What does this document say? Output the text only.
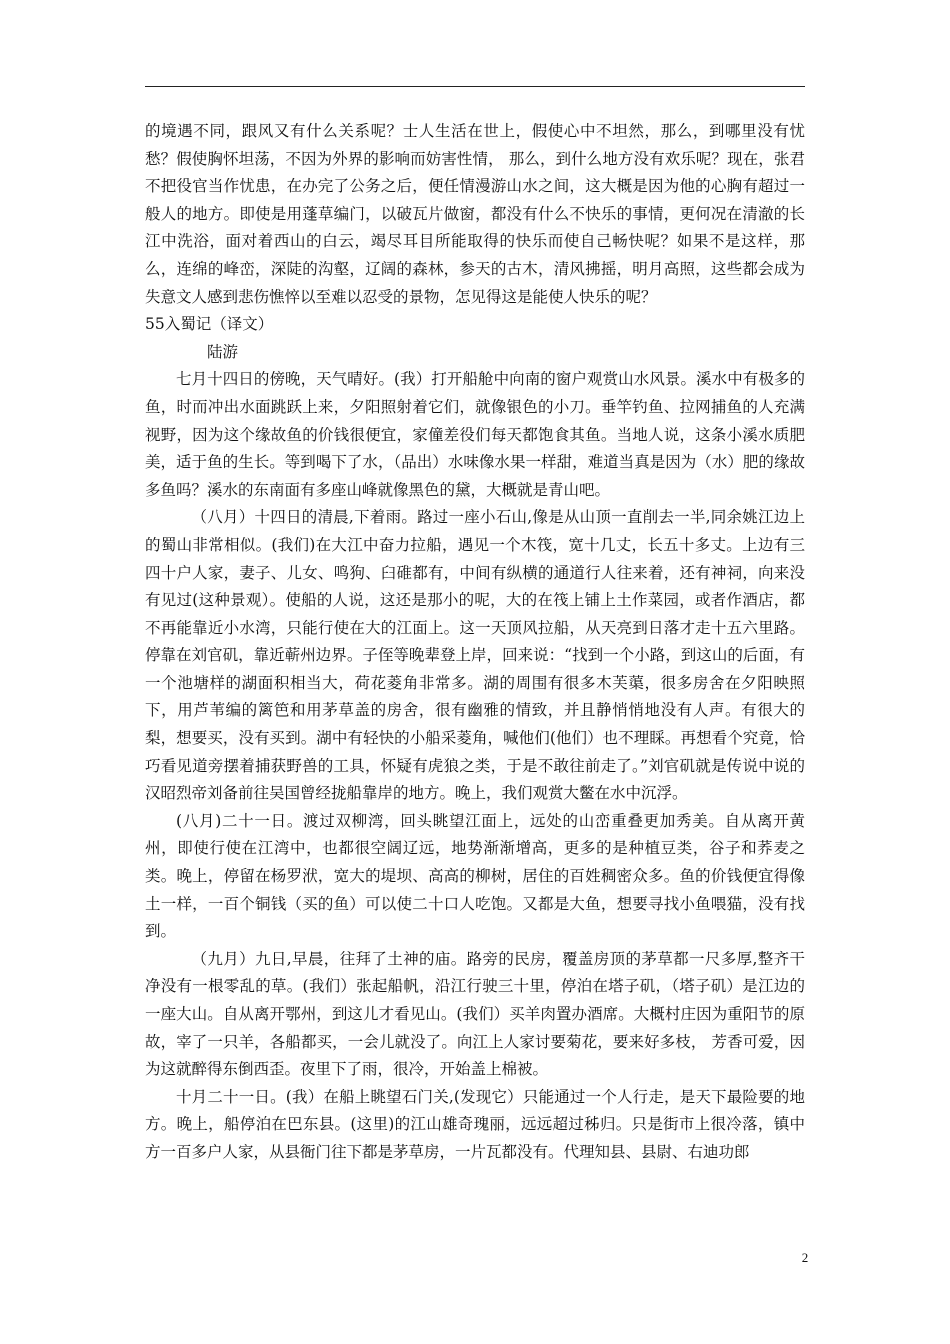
的境遇不同，跟风又有什么关系呢？士人生活在世上，假使心中不坦然，那么，到哪里没有忧愁？假使胸怀坦荡，不因为外界的影响而妨害性情， 那么，到什么地方没有欢乐呢？现在，张君不把役官当作忧患，在办完了公务之后，便任情漫游山水之间，这大概是因为他的心胸有超过一般人的地方。即使是用蓬草编门，以破瓦片做窗，都没有什么不快乐的事情，更何况在清澈的长江中洗浴，面对着西山的白云，竭尽耳目所能取得的快乐而使自己畅快呢？如果不是这样，那么，连绵的峰峦，深陡的沟壑，辽阔的森林，参天的古木，清风拂摇，明月高照，这些都会成为失意文人感到悲伤憔悴以至难以忍受的景物，怎见得这是能使人快乐的呢？

55入蜀记（译文）

陆游

七月十四日的傍晚，天气晴好。(我）打开船舱中向南的窗户观赏山水风景。溪水中有极多的鱼，时而冲出水面跳跃上来，夕阳照射着它们，就像银色的小刀。垂竿钓鱼、拉网捕鱼的人充满视野，因为这个缘故鱼的价钱很便宜，家僮差役们每天都饱食其鱼。当地人说，这条小溪水质肥美，适于鱼的生长。等到喝下了水，（品出）水味像水果一样甜，难道当真是因为（水）肥的缘故多鱼吗？溪水的东南面有多座山峰就像黑色的黛，大概就是青山吧。

（八月）十四日的清晨,下着雨。路过一座小石山,像是从山顶一直削去一半,同余姚江边上的蜀山非常相似。(我们)在大江中奋力拉船，遇见一个木筏，宽十几丈，长五十多丈。上边有三四十户人家，妻子、儿女、鸣狗、臼碓都有，中间有纵横的通道行人往来着，还有神祠，向来没有见过(这种景观）。使船的人说，这还是那小的呢，大的在筏上铺上土作菜园，或者作酒店，都不再能靠近小水湾，只能行使在大的江面上。这一天顶风拉船，从天亮到日落才走十五六里路。停靠在刘官矶，靠近蕲州边界。子侄等晚辈登上岸，回来说：“找到一个小路，到这山的后面，有一个池塘样的湖面积相当大，荷花菱角非常多。湖的周围有很多木芙蕖，很多房舍在夕阳映照下，用芦苇编的篱笆和用茅草盖的房舍，很有幽雅的情致，并且静悄悄地没有人声。有很大的梨，想要买，没有买到。湖中有轻快的小船采菱角，喊他们(他们）也不理睬。再想看个究竟，恰巧看见道旁摆着捕获野兽的工具，怀疑有虎狼之类，于是不敢往前走了。”刘官矶就是传说中说的汉昭烈帝刘备前往吴国曾经拢船靠岸的地方。晚上，我们观赏大鳖在水中沉浮。

(八月)二十一日。渡过双柳湾，回头眺望江面上，远处的山峦重叠更加秀美。自从离开黄州，即使行使在江湾中，也都很空阔辽远，地势渐渐增高，更多的是种植豆类，谷子和荞麦之类。晚上，停留在杨罗洑，宽大的堤坝、高高的柳树，居住的百姓稠密众多。鱼的价钱便宜得像土一样，一百个铜钱（买的鱼）可以使二十口人吃饱。又都是大鱼，想要寻找小鱼喂猫，没有找到。

（九月）九日,早晨，往拜了土神的庙。路旁的民房，覆盖房顶的茅草都一尺多厚,整齐干净没有一根零乱的草。(我们）张起船帆，沿江行驶三十里，停泊在塔子矶，（塔子矶）是江边的一座大山。自从离开鄂州，到这儿才看见山。(我们）买羊肉置办酒席。大概村庄因为重阳节的原故，宰了一只羊，各船都买，一会儿就没了。向江上人家讨要菊花，要来好多枝， 芳香可爱，因为这就醉得东倒西歪。夜里下了雨，很冷，开始盖上棉被。

十月二十一日。(我）在船上眺望石门关,(发现它）只能通过一个人行走，是天下最险要的地方。晚上，船停泊在巴东县。(这里)的江山雄奇瑰丽，远远超过秭归。只是街市上很冷落，镇中方一百多户人家，从县衙门往下都是茅草房，一片瓦都没有。代理知县、县尉、右迪功郎

2
